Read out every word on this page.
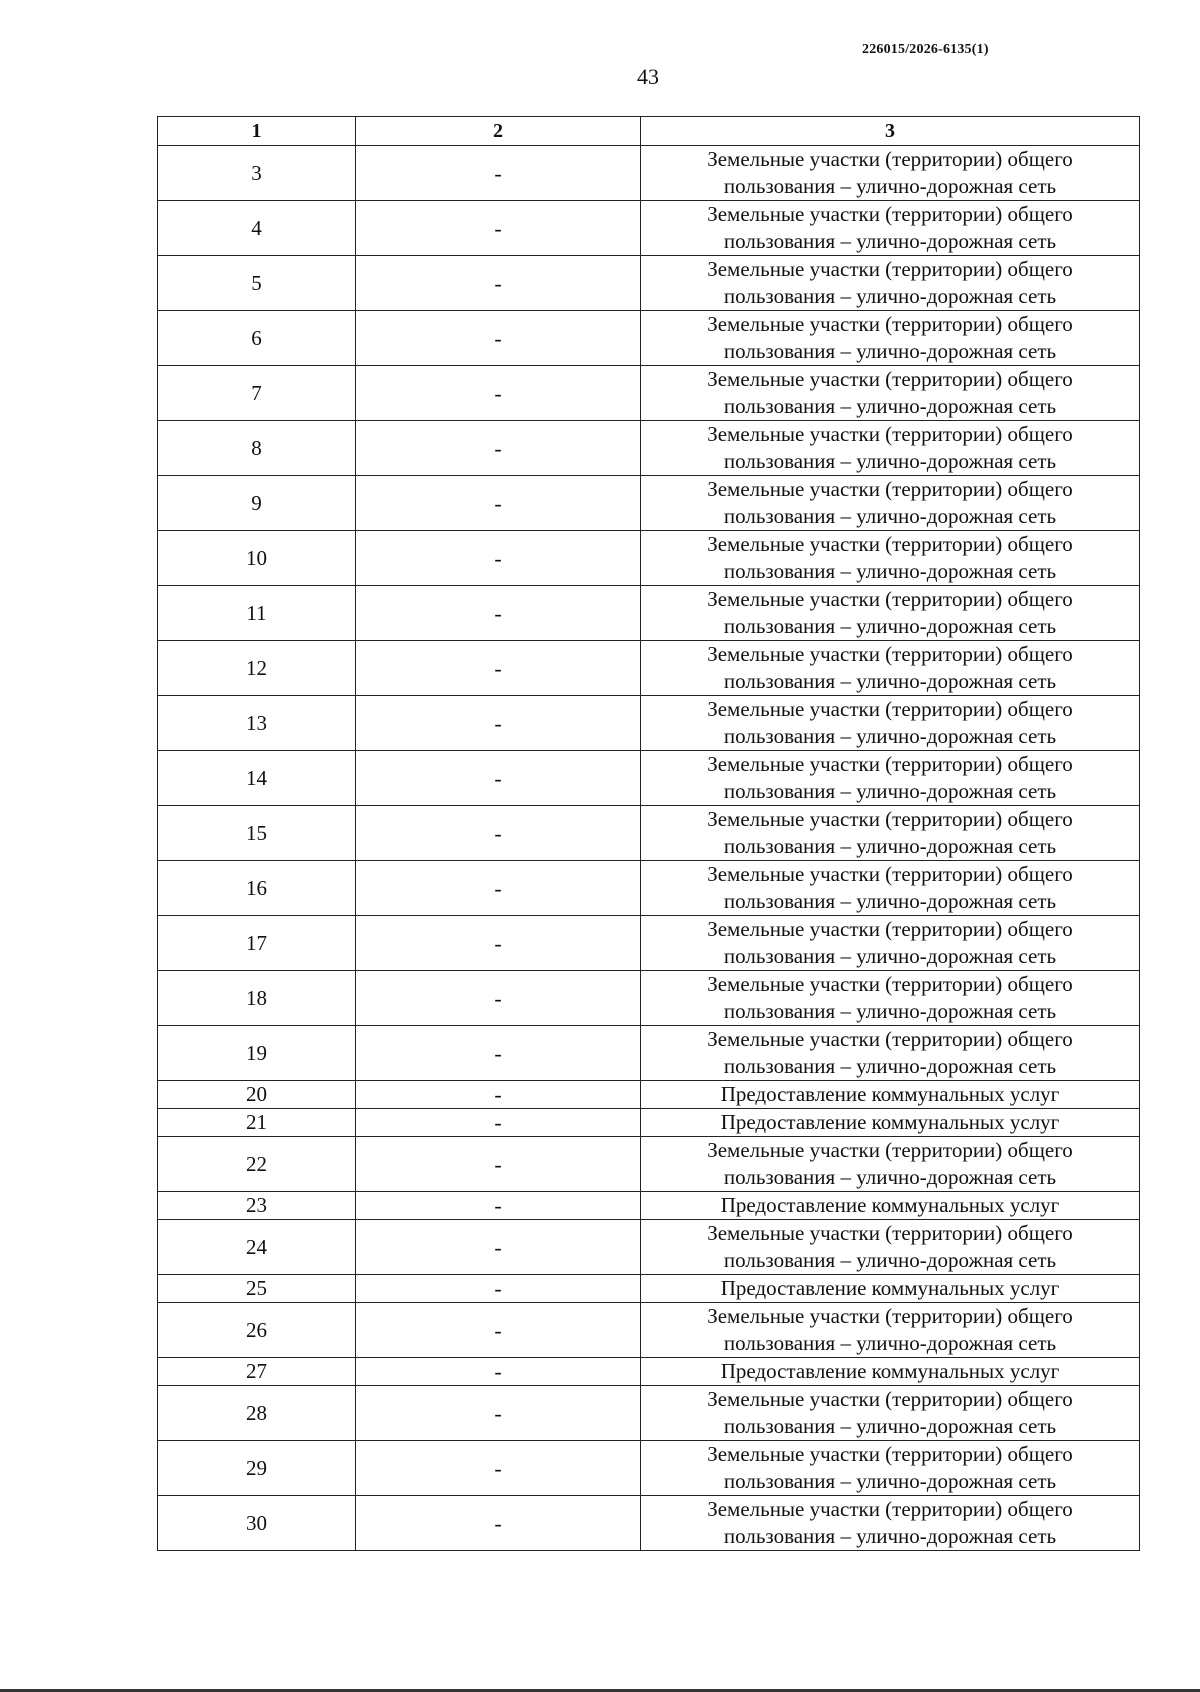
226015/2026-6135(1)
43
1	2	3
3	-	Земельные участки (территории) общего
пользования – улично-дорожная сеть

4	-	Земельные участки (территории) общего
пользования – улично-дорожная сеть

5	-	Земельные участки (территории) общего
пользования – улично-дорожная сеть

6	-	Земельные участки (территории) общего
пользования – улично-дорожная сеть

7	-	Земельные участки (территории) общего
пользования – улично-дорожная сеть

8	-	Земельные участки (территории) общего
пользования – улично-дорожная сеть

9	-	Земельные участки (территории) общего
пользования – улично-дорожная сеть

10	-	Земельные участки (территории) общего
пользования – улично-дорожная сеть

11	-	Земельные участки (территории) общего
пользования – улично-дорожная сеть

12	-	Земельные участки (территории) общего
пользования – улично-дорожная сеть

13	-	Земельные участки (территории) общего
пользования – улично-дорожная сеть

14	-	Земельные участки (территории) общего
пользования – улично-дорожная сеть

15	-	Земельные участки (территории) общего
пользования – улично-дорожная сеть

16	-	Земельные участки (территории) общего
пользования – улично-дорожная сеть

17	-	Земельные участки (территории) общего
пользования – улично-дорожная сеть

18	-	Земельные участки (территории) общего
пользования – улично-дорожная сеть

19	-	Земельные участки (территории) общего
пользования – улично-дорожная сеть

20	-	Предоставление коммунальных услуг

21	-	Предоставление коммунальных услуг

22	-	Земельные участки (территории) общего
пользования – улично-дорожная сеть

23	-	Предоставление коммунальных услуг

24	-	Земельные участки (территории) общего
пользования – улично-дорожная сеть

25	-	Предоставление коммунальных услуг

26	-	Земельные участки (территории) общего
пользования – улично-дорожная сеть

27	-	Предоставление коммунальных услуг

28	-	Земельные участки (территории) общего
пользования – улично-дорожная сеть

29	-	Земельные участки (территории) общего
пользования – улично-дорожная сеть

30	-	Земельные участки (территории) общего
пользования – улично-дорожная сеть
